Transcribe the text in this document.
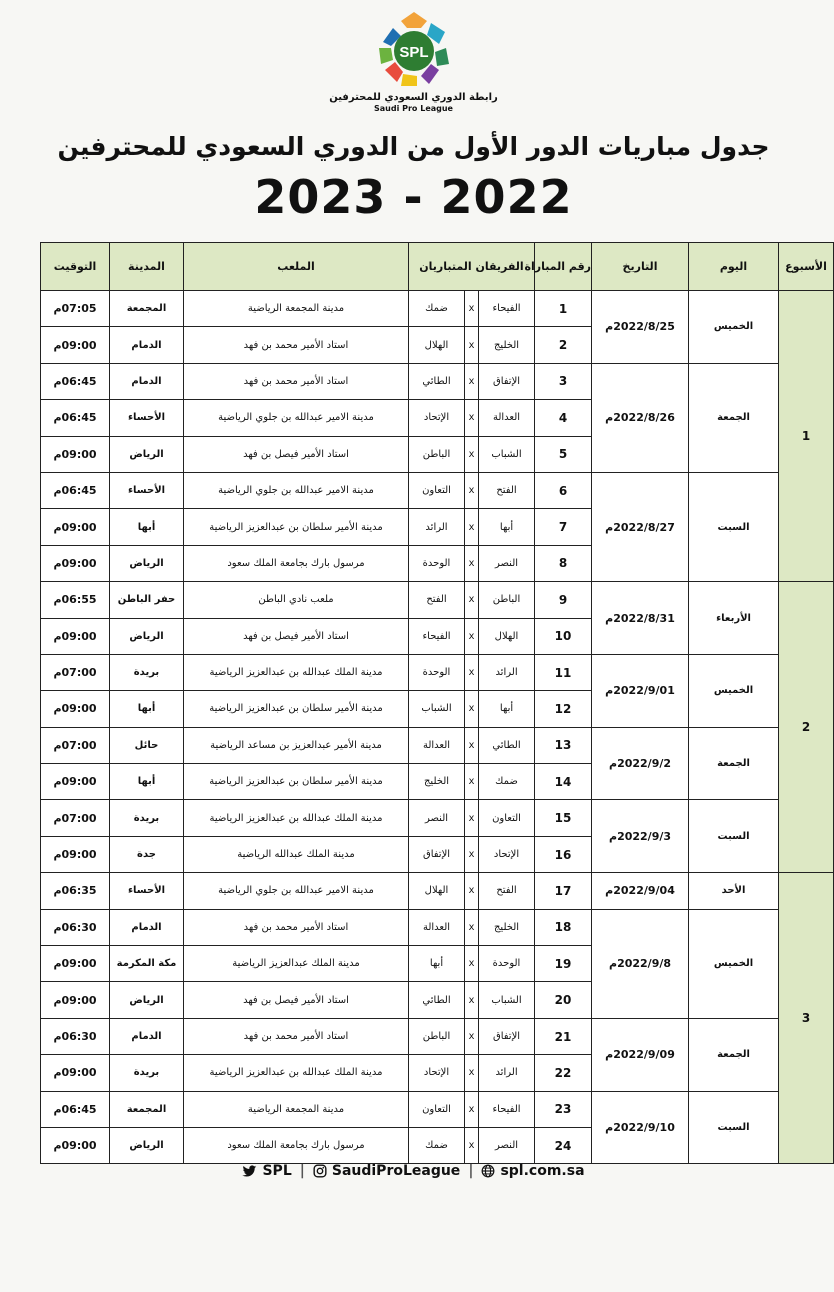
SPL
رابطة الدوري السعودي للمحترفين
Saudi Pro League
جدول مباريات الدور الأول من الدوري السعودي للمحترفين
2023 - 2022
الأسبوع	اليوم	التاريخ	رقم المباراة	الفريقان المتباريان			الملعب	المدينة	التوقيت
1	الخميس	2022/8/25م	1	الفيحاء	x	ضمك	مدينة المجمعة الرياضية	المجمعة	07:05م
			2	الخليج	x	الهلال	استاد الأمير محمد بن فهد	الدمام	09:00م
	الجمعة	2022/8/26م	3	الإتفاق	x	الطائي	استاد الأمير محمد بن فهد	الدمام	06:45م
			4	العدالة	x	الإتحاد	مدينة الامير عبدالله بن جلوي الرياضية	الأحساء	06:45م
			5	الشباب	x	الباطن	استاد الأمير فيصل بن فهد	الرياض	09:00م
	السبت	2022/8/27م	6	الفتح	x	التعاون	مدينة الامير عبدالله بن جلوي الرياضية	الأحساء	06:45م
			7	أبها	x	الرائد	مدينة الأمير سلطان بن عبدالعزيز الرياضية	أبها	09:00م
			8	النصر	x	الوحدة	مرسول بارك بجامعة الملك سعود	الرياض	09:00م
2	الأربعاء	2022/8/31م	9	الباطن	x	الفتح	ملعب نادي الباطن	حفر الباطن	06:55م
			10	الهلال	x	الفيحاء	استاد الأمير فيصل بن فهد	الرياض	09:00م
	الخميس	2022/9/01م	11	الرائد	x	الوحدة	مدينة الملك عبدالله بن عبدالعزيز الرياضية	بريدة	07:00م
			12	أبها	x	الشباب	مدينة الأمير سلطان بن عبدالعزيز الرياضية	أبها	09:00م
	الجمعة	2022/9/2م	13	الطائي	x	العدالة	مدينة الأمير عبدالعزيز بن مساعد الرياضية	حائل	07:00م
			14	ضمك	x	الخليج	مدينة الأمير سلطان بن عبدالعزيز الرياضية	أبها	09:00م
	السبت	2022/9/3م	15	التعاون	x	النصر	مدينة الملك عبدالله بن عبدالعزيز الرياضية	بريدة	07:00م
			16	الإتحاد	x	الإتفاق	مدينة الملك عبدالله الرياضية	جدة	09:00م
3	الأحد	2022/9/04م	17	الفتح	x	الهلال	مدينة الامير عبدالله بن جلوي الرياضية	الأحساء	06:35م
	الخميس	2022/9/8م	18	الخليج	x	العدالة	استاد الأمير محمد بن فهد	الدمام	06:30م
			19	الوحدة	x	أبها	مدينة الملك عبدالعزيز الرياضية	مكة المكرمة	09:00م
			20	الشباب	x	الطائي	استاد الأمير فيصل بن فهد	الرياض	09:00م
	الجمعة	2022/9/09م	21	الإتفاق	x	الباطن	استاد الأمير محمد بن فهد	الدمام	06:30م
			22	الرائد	x	الإتحاد	مدينة الملك عبدالله بن عبدالعزيز الرياضية	بريدة	09:00م
	السبت	2022/9/10م	23	الفيحاء	x	التعاون	مدينة المجمعة الرياضية	المجمعة	06:45م
			24	النصر	x	ضمك	مرسول بارك بجامعة الملك سعود	الرياض	09:00م
SPL | SaudiProLeague | spl.com.sa
